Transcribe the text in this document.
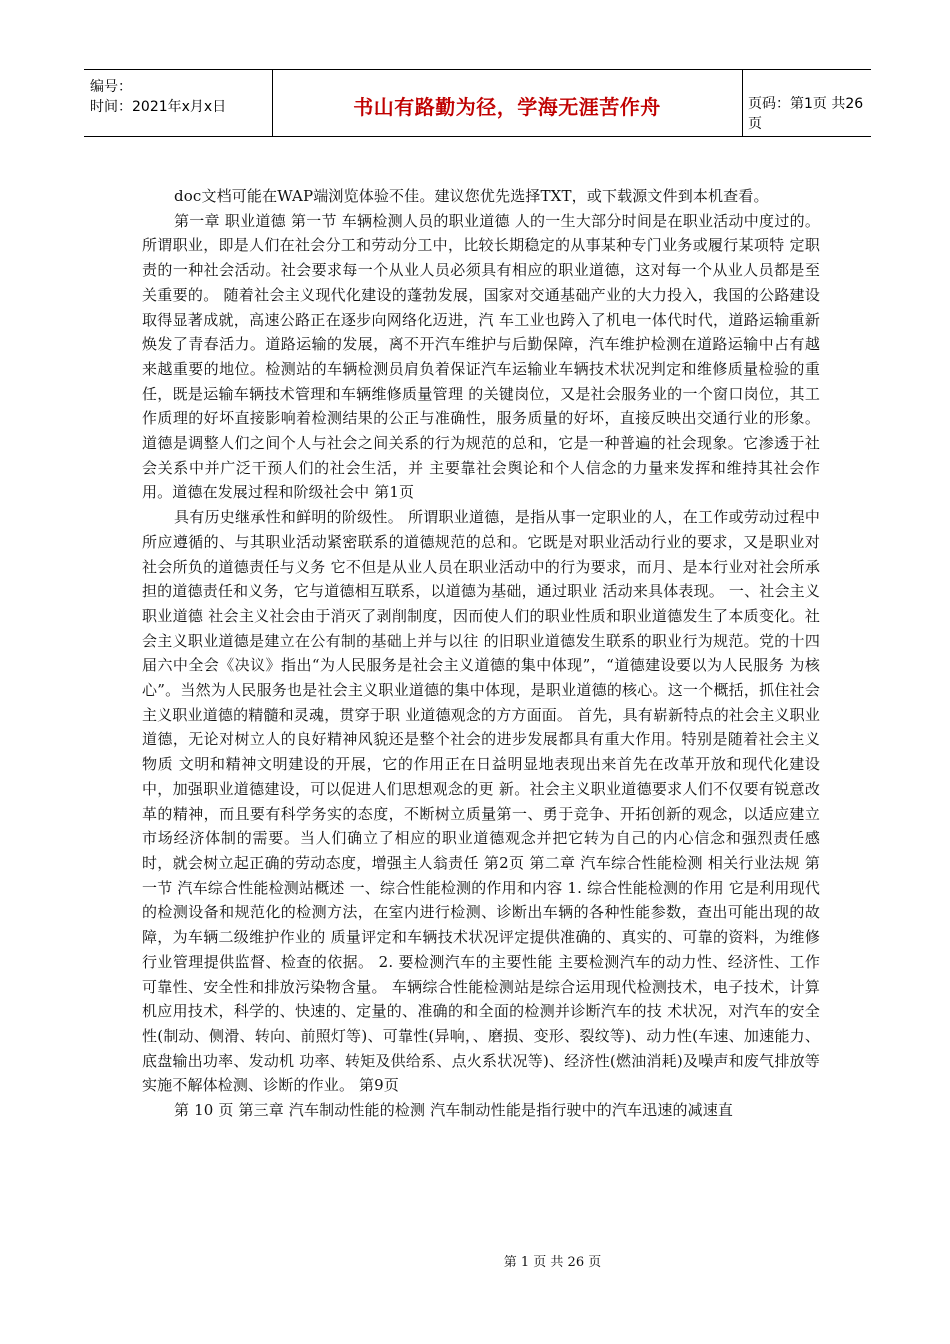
编号：
时间：2021年x月x日	书山有路勤为径，学海无涯苦作舟	页码：第1页 共26页

doc文档可能在WAP端浏览体验不佳。建议您优先选择TXT，或下载源文件到本机查看。

第一章 职业道德 第一节 车辆检测人员的职业道德 人的一生大部分时间是在职业活动中度过的。所谓职业，即是人们在社会分工和劳动分工中，比较长期稳定的从事某种专门业务或履行某项特 定职责的一种社会活动。社会要求每一个从业人员必须具有相应的职业道德，这对每一个从业人员都是至关重要的。 随着社会主义现代化建设的蓬勃发展，国家对交通基础产业的大力投入，我国的公路建设取得显著成就，高速公路正在逐步向网络化迈进，汽 车工业也跨入了机电一体代时代，道路运输重新焕发了青春活力。道路运输的发展，离不开汽车维护与后勤保障，汽车维护检测在道路运输中占有越 来越重要的地位。检测站的车辆检测员肩负着保证汽车运输业车辆技术状况判定和维修质量检验的重任，既是运输车辆技术管理和车辆维修质量管理 的关键岗位，又是社会服务业的一个窗口岗位，其工作质理的好坏直接影响着检测结果的公正与准确性，服务质量的好坏，直接反映出交通行业的形象。 道德是调整人们之间个人与社会之间关系的行为规范的总和，它是一种普遍的社会现象。它渗透于社会关系中并广泛干预人们的社会生活，并 主要靠社会舆论和个人信念的力量来发挥和维持其社会作用。道德在发展过程和阶级社会中 第1页

具有历史继承性和鲜明的阶级性。 所谓职业道德，是指从事一定职业的人，在工作或劳动过程中所应遵循的、与其职业活动紧密联系的道德规范的总和。它既是对职业活动行业的要求，又是职业对社会所负的道德责任与义务 它不但是从业人员在职业活动中的行为要求，而月、是本行业对社会所承担的道德责任和义务，它与道德相互联系，以道德为基础，通过职业 活动来具体表现。 一、社会主义职业道德 社会主义社会由于消灭了剥削制度，因而使人们的职业性质和职业道德发生了本质变化。社会主义职业道德是建立在公有制的基础上并与以往 的旧职业道德发生联系的职业行为规范。党的十四届六中全会《决议》指出“为人民服务是社会主义道德的集中体现”，“道德建设要以为人民服务 为核心”。当然为人民服务也是社会主义职业道德的集中体现，是职业道德的核心。这一个概括，抓住社会主义职业道德的精髓和灵魂，贯穿于职 业道德观念的方方面面。 首先，具有崭新特点的社会主义职业道德，无论对树立人的良好精神风貌还是整个社会的进步发展都具有重大作用。特别是随着社会主义物质 文明和精神文明建设的开展，它的作用正在日益明显地表现出来首先在改革开放和现代化建设中，加强职业道德建设，可以促进人们思想观念的更 新。社会主义职业道德要求人们不仅要有锐意改革的精神，而且要有科学务实的态度，不断树立质量第一、勇于竞争、开拓创新的观念，以适应建立 市场经济体制的需要。当人们确立了相应的职业道德观念并把它转为自己的内心信念和强烈责任感时，就会树立起正确的劳动态度，增强主人翁责任 第2页 第二章 汽车综合性能检测 相关行业法规 第一节 汽车综合性能检测站概述 一、综合性能检测的作用和内容 1. 综合性能检测的作用 它是利用现代的检测设备和规范化的检测方法，在室内进行检测、诊断出车辆的各种性能参数，查出可能出现的故障，为车辆二级维护作业的 质量评定和车辆技术状况评定提供准确的、真实的、可靠的资料，为维修行业管理提供监督、检查的依据。 2. 要检测汽车的主要性能 主要检测汽车的动力性、经济性、工作可靠性、安全性和排放污染物含量。 车辆综合性能检测站是综合运用现代检测技术，电子技术，计算机应用技术，科学的、快速的、定量的、准确的和全面的检测并诊断汽车的技 术状况，对汽车的安全性(制动、侧滑、转向、前照灯等)、可靠性(异响，、磨损、变形、裂纹等)、动力性(车速、加速能力、底盘输出功率、发动机 功率、转矩及供给系、点火系状况等)、经济性(燃油消耗)及噪声和废气排放等实施不解体检测、诊断的作业。 第9页

第 10 页 第三章 汽车制动性能的检测 汽车制动性能是指行驶中的汽车迅速的减速直

第 1 页 共 26 页
